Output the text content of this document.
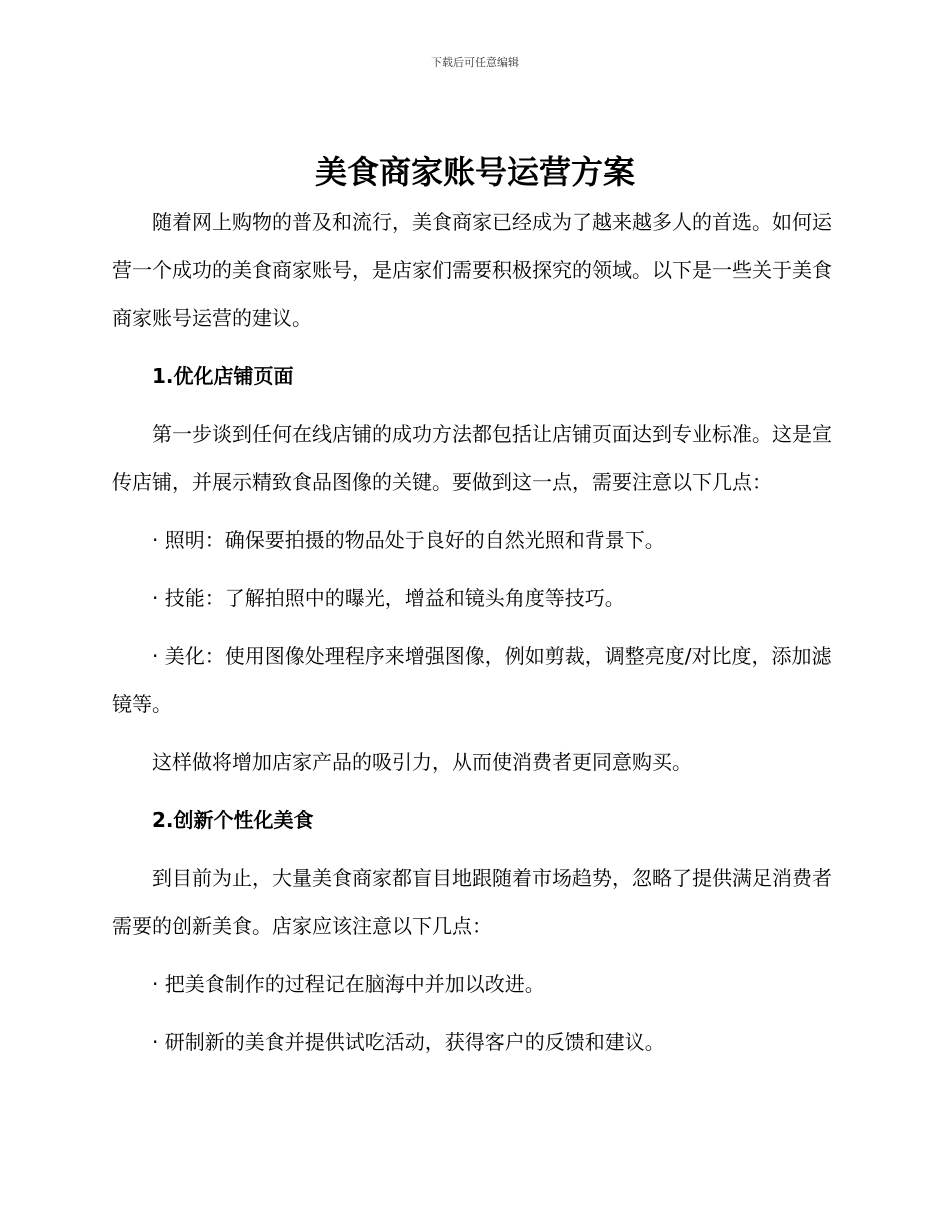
下载后可任意编辑
美食商家账号运营方案

随着网上购物的普及和流行，美食商家已经成为了越来越多人的首选。如何运营一个成功的美食商家账号，是店家们需要积极探究的领域。以下是一些关于美食商家账号运营的建议。

1.优化店铺页面

第一步谈到任何在线店铺的成功方法都包括让店铺页面达到专业标准。这是宣传店铺，并展示精致食品图像的关键。要做到这一点，需要注意以下几点：

· 照明：确保要拍摄的物品处于良好的自然光照和背景下。

· 技能：了解拍照中的曝光，增益和镜头角度等技巧。

· 美化：使用图像处理程序来增强图像，例如剪裁，调整亮度/对比度，添加滤镜等。

这样做将增加店家产品的吸引力，从而使消费者更同意购买。

2.创新个性化美食

到目前为止，大量美食商家都盲目地跟随着市场趋势，忽略了提供满足消费者需要的创新美食。店家应该注意以下几点：

· 把美食制作的过程记在脑海中并加以改进。

· 研制新的美食并提供试吃活动，获得客户的反馈和建议。
